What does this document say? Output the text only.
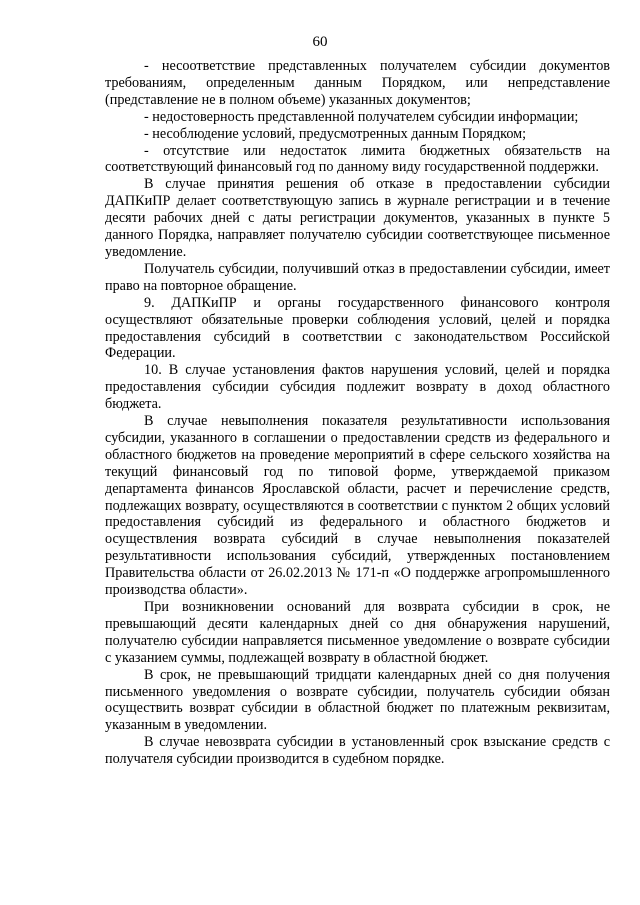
60

- несоответствие представленных получателем субсидии документов требованиям, определенным данным Порядком, или непредставление (представление не в полном объеме) указанных документов;

- недостоверность представленной получателем субсидии информации;

- несоблюдение условий, предусмотренных данным Порядком;

- отсутствие или недостаток лимита бюджетных обязательств на соответствующий финансовый год по данному виду государственной поддержки.

В случае принятия решения об отказе в предоставлении субсидии ДАПКиПР делает соответствующую запись в журнале регистрации и в течение десяти рабочих дней с даты регистрации документов, указанных в пункте 5 данного Порядка, направляет получателю субсидии соответствующее письменное уведомление.

Получатель субсидии, получивший отказ в предоставлении субсидии, имеет право на повторное обращение.

9. ДАПКиПР и органы государственного финансового контроля осуществляют обязательные проверки соблюдения условий, целей и порядка предоставления субсидий в соответствии с законодательством Российской Федерации.

10. В случае установления фактов нарушения условий, целей и порядка предоставления субсидии субсидия подлежит возврату в доход областного бюджета.

В случае невыполнения показателя результативности использования субсидии, указанного в соглашении о предоставлении средств из федерального и областного бюджетов на проведение мероприятий в сфере сельского хозяйства на текущий финансовый год по типовой форме, утверждаемой приказом департамента финансов Ярославской области, расчет и перечисление средств, подлежащих возврату, осуществляются в соответствии с пунктом 2 общих условий предоставления субсидий из федерального и областного бюджетов и осуществления возврата субсидий в случае невыполнения показателей результативности использования субсидий, утвержденных постановлением Правительства области от 26.02.2013 № 171-п «О поддержке агропромышленного производства области».

При возникновении оснований для возврата субсидии в срок, не превышающий десяти календарных дней со дня обнаружения нарушений, получателю субсидии направляется письменное уведомление о возврате субсидии с указанием суммы, подлежащей возврату в областной бюджет.

В срок, не превышающий тридцати календарных дней со дня получения письменного уведомления о возврате субсидии, получатель субсидии обязан осуществить возврат субсидии в областной бюджет по платежным реквизитам, указанным в уведомлении.

В случае невозврата субсидии в установленный срок взыскание средств с получателя субсидии производится в судебном порядке.
